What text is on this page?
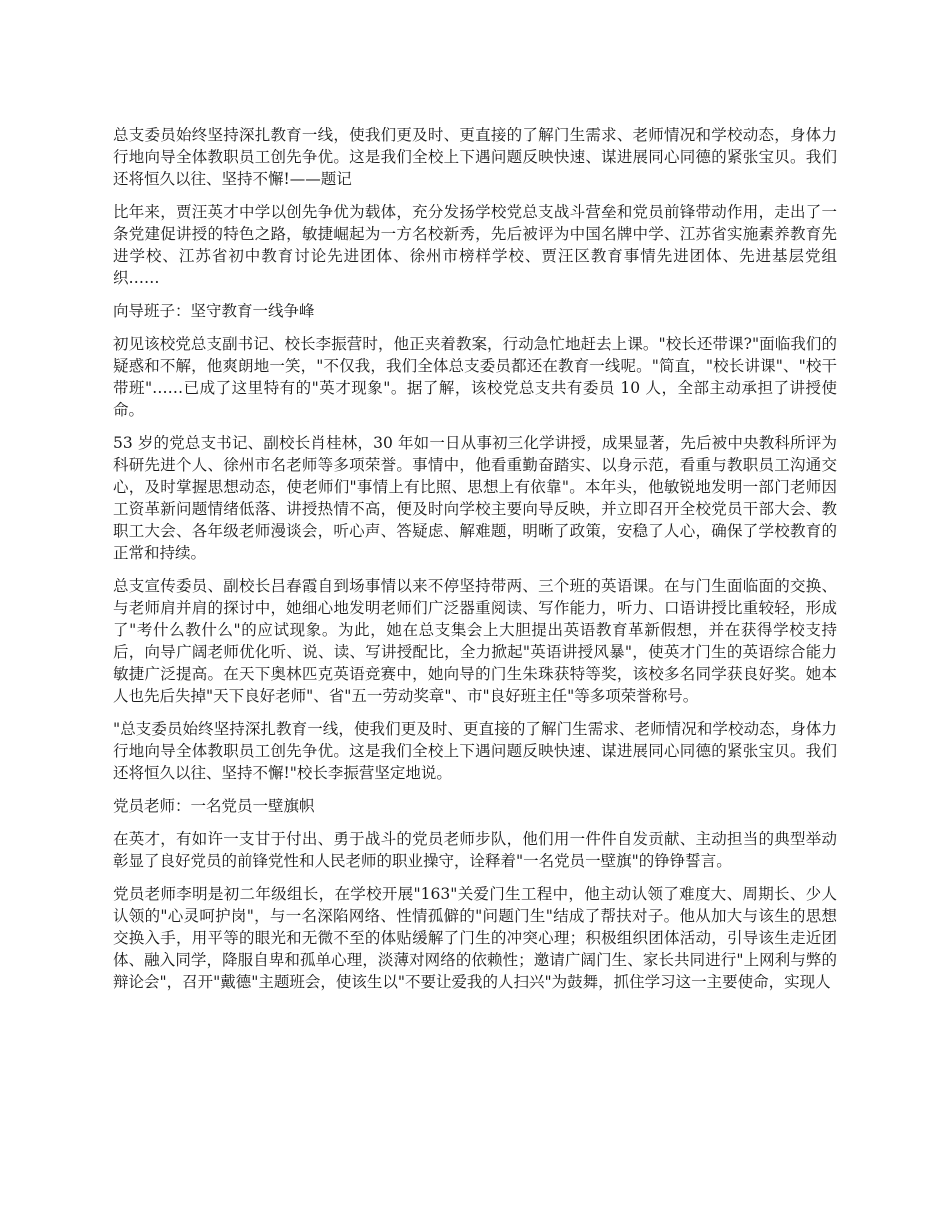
总支委员始终坚持深扎教育一线，使我们更及时、更直接的了解门生需求、老师情况和学校动态，身体力行地向导全体教职员工创先争优。这是我们全校上下遇问题反映快速、谋进展同心同德的紧张宝贝。我们还将恒久以往、坚持不懈!——题记

比年来，贾汪英才中学以创先争优为载体，充分发扬学校党总支战斗营垒和党员前锋带动作用，走出了一条党建促讲授的特色之路，敏捷崛起为一方名校新秀，先后被评为中国名牌中学、江苏省实施素养教育先进学校、江苏省初中教育讨论先进团体、徐州市榜样学校、贾汪区教育事情先进团体、先进基层党组织……

向导班子：坚守教育一线争峰

初见该校党总支副书记、校长李振营时，他正夹着教案，行动急忙地赶去上课。"校长还带课?"面临我们的疑惑和不解，他爽朗地一笑，"不仅我，我们全体总支委员都还在教育一线呢。"简直，"校长讲课"、"校干带班"……已成了这里特有的"英才现象"。据了解，该校党总支共有委员 10 人，全部主动承担了讲授使命。

53 岁的党总支书记、副校长肖桂林，30 年如一日从事初三化学讲授，成果显著，先后被中央教科所评为科研先进个人、徐州市名老师等多项荣誉。事情中，他看重勤奋踏实、以身示范，看重与教职员工沟通交心，及时掌握思想动态，使老师们"事情上有比照、思想上有依靠"。本年头，他敏锐地发明一部门老师因工资革新问题情绪低落、讲授热情不高，便及时向学校主要向导反映，并立即召开全校党员干部大会、教职工大会、各年级老师漫谈会，听心声、答疑虑、解难题，明晰了政策，安稳了人心，确保了学校教育的正常和持续。

总支宣传委员、副校长吕春霞自到场事情以来不停坚持带两、三个班的英语课。在与门生面临面的交换、与老师肩并肩的探讨中，她细心地发明老师们广泛器重阅读、写作能力，听力、口语讲授比重较轻，形成了"考什么教什么"的应试现象。为此，她在总支集会上大胆提出英语教育革新假想，并在获得学校支持后，向导广阔老师优化听、说、读、写讲授配比，全力掀起"英语讲授风暴"，使英才门生的英语综合能力敏捷广泛提高。在天下奥林匹克英语竞赛中，她向导的门生朱珠获特等奖，该校多名同学获良好奖。她本人也先后失掉"天下良好老师"、省"五一劳动奖章"、市"良好班主任"等多项荣誉称号。

"总支委员始终坚持深扎教育一线，使我们更及时、更直接的了解门生需求、老师情况和学校动态，身体力行地向导全体教职员工创先争优。这是我们全校上下遇问题反映快速、谋进展同心同德的紧张宝贝。我们还将恒久以往、坚持不懈!"校长李振营坚定地说。

党员老师：一名党员一壁旗帜

在英才，有如许一支甘于付出、勇于战斗的党员老师步队，他们用一件件自发贡献、主动担当的典型举动彰显了良好党员的前锋党性和人民老师的职业操守，诠释着"一名党员一壁旗"的铮铮誓言。

党员老师李明是初二年级组长，在学校开展"163"关爱门生工程中，他主动认领了难度大、周期长、少人认领的"心灵呵护岗"，与一名深陷网络、性情孤僻的"问题门生"结成了帮扶对子。他从加大与该生的思想交换入手，用平等的眼光和无微不至的体贴缓解了门生的冲突心理；积极组织团体活动，引导该生走近团体、融入同学，降服自卑和孤单心理，淡薄对网络的依赖性；邀请广阔门生、家长共同进行"上网利与弊的辩论会"，召开"戴德"主题班会，使该生以"不要让爱我的人扫兴"为鼓舞，抓住学习这一主要使命，实现人
